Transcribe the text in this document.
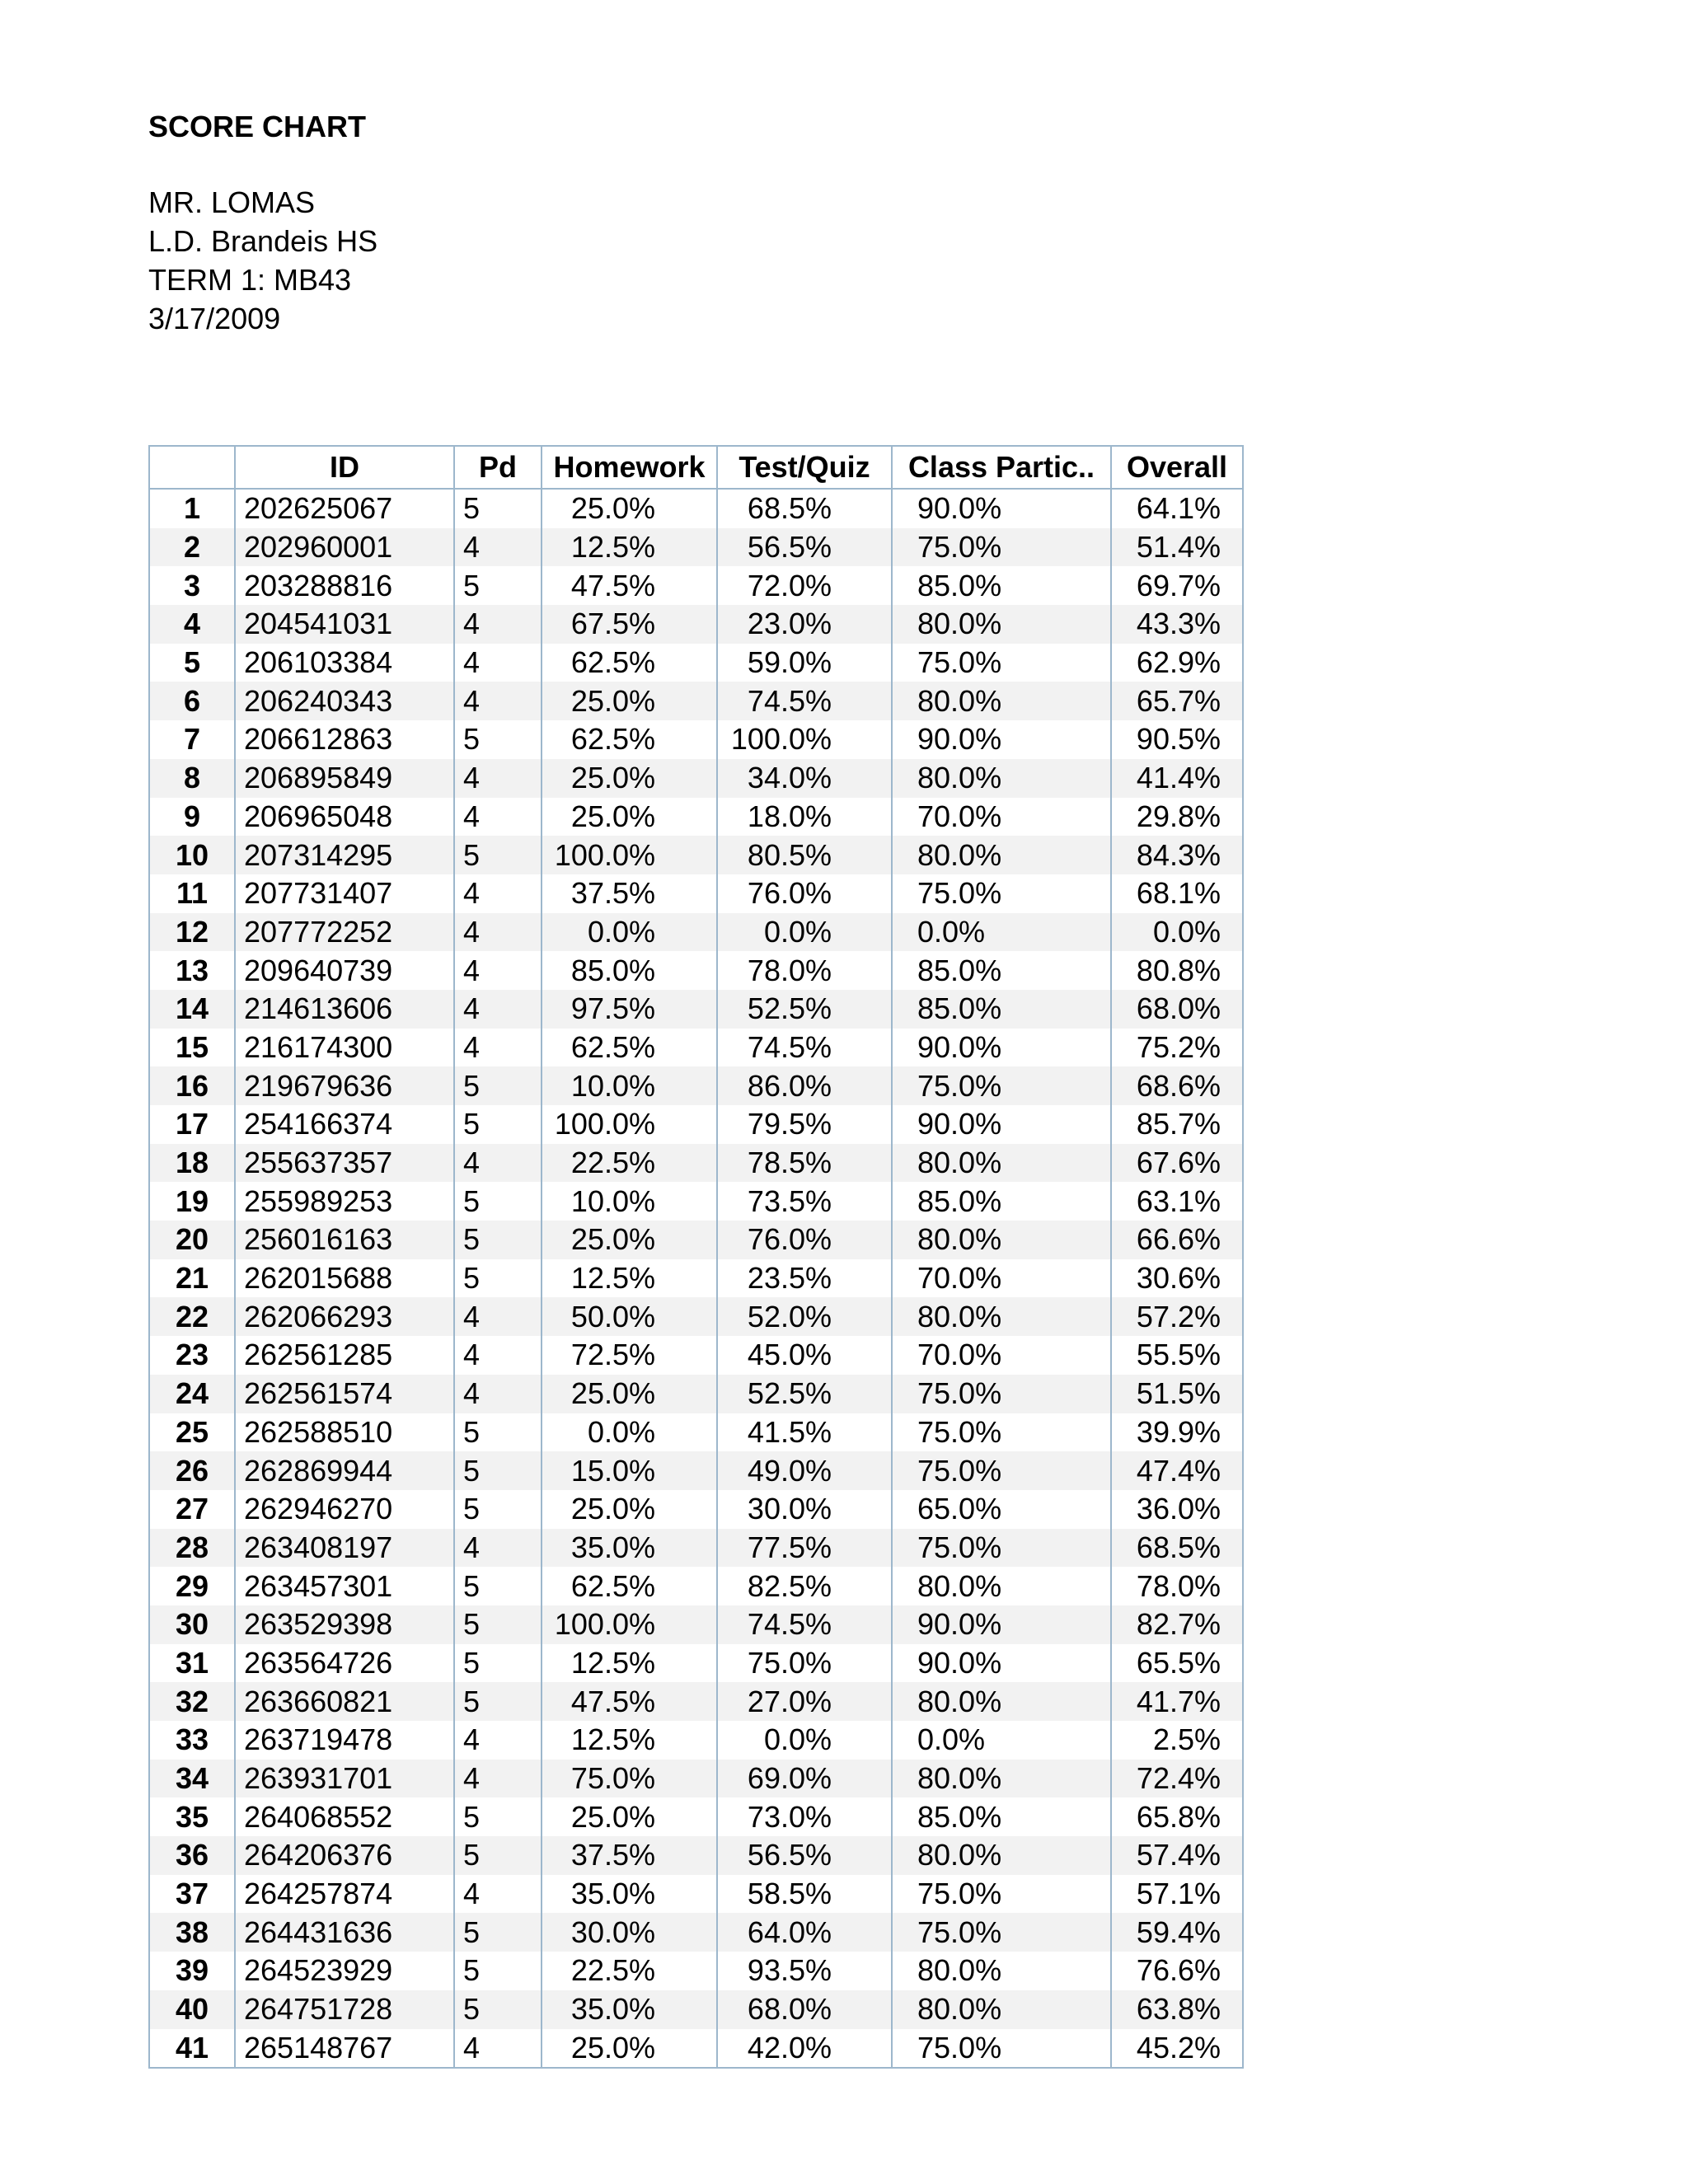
SCORE CHART
MR. LOMAS
L.D. Brandeis HS
TERM 1: MB43
3/17/2009
	ID	Pd	Homework	Test/Quiz	Class Partic..	Overall
1	202625067	5	25.0%	68.5%	90.0%	64.1%
2	202960001	4	12.5%	56.5%	75.0%	51.4%
3	203288816	5	47.5%	72.0%	85.0%	69.7%
4	204541031	4	67.5%	23.0%	80.0%	43.3%
5	206103384	4	62.5%	59.0%	75.0%	62.9%
6	206240343	4	25.0%	74.5%	80.0%	65.7%
7	206612863	5	62.5%	100.0%	90.0%	90.5%
8	206895849	4	25.0%	34.0%	80.0%	41.4%
9	206965048	4	25.0%	18.0%	70.0%	29.8%
10	207314295	5	100.0%	80.5%	80.0%	84.3%
11	207731407	4	37.5%	76.0%	75.0%	68.1%
12	207772252	4	0.0%	0.0%	0.0%	0.0%
13	209640739	4	85.0%	78.0%	85.0%	80.8%
14	214613606	4	97.5%	52.5%	85.0%	68.0%
15	216174300	4	62.5%	74.5%	90.0%	75.2%
16	219679636	5	10.0%	86.0%	75.0%	68.6%
17	254166374	5	100.0%	79.5%	90.0%	85.7%
18	255637357	4	22.5%	78.5%	80.0%	67.6%
19	255989253	5	10.0%	73.5%	85.0%	63.1%
20	256016163	5	25.0%	76.0%	80.0%	66.6%
21	262015688	5	12.5%	23.5%	70.0%	30.6%
22	262066293	4	50.0%	52.0%	80.0%	57.2%
23	262561285	4	72.5%	45.0%	70.0%	55.5%
24	262561574	4	25.0%	52.5%	75.0%	51.5%
25	262588510	5	0.0%	41.5%	75.0%	39.9%
26	262869944	5	15.0%	49.0%	75.0%	47.4%
27	262946270	5	25.0%	30.0%	65.0%	36.0%
28	263408197	4	35.0%	77.5%	75.0%	68.5%
29	263457301	5	62.5%	82.5%	80.0%	78.0%
30	263529398	5	100.0%	74.5%	90.0%	82.7%
31	263564726	5	12.5%	75.0%	90.0%	65.5%
32	263660821	5	47.5%	27.0%	80.0%	41.7%
33	263719478	4	12.5%	0.0%	0.0%	2.5%
34	263931701	4	75.0%	69.0%	80.0%	72.4%
35	264068552	5	25.0%	73.0%	85.0%	65.8%
36	264206376	5	37.5%	56.5%	80.0%	57.4%
37	264257874	4	35.0%	58.5%	75.0%	57.1%
38	264431636	5	30.0%	64.0%	75.0%	59.4%
39	264523929	5	22.5%	93.5%	80.0%	76.6%
40	264751728	5	35.0%	68.0%	80.0%	63.8%
41	265148767	4	25.0%	42.0%	75.0%	45.2%
